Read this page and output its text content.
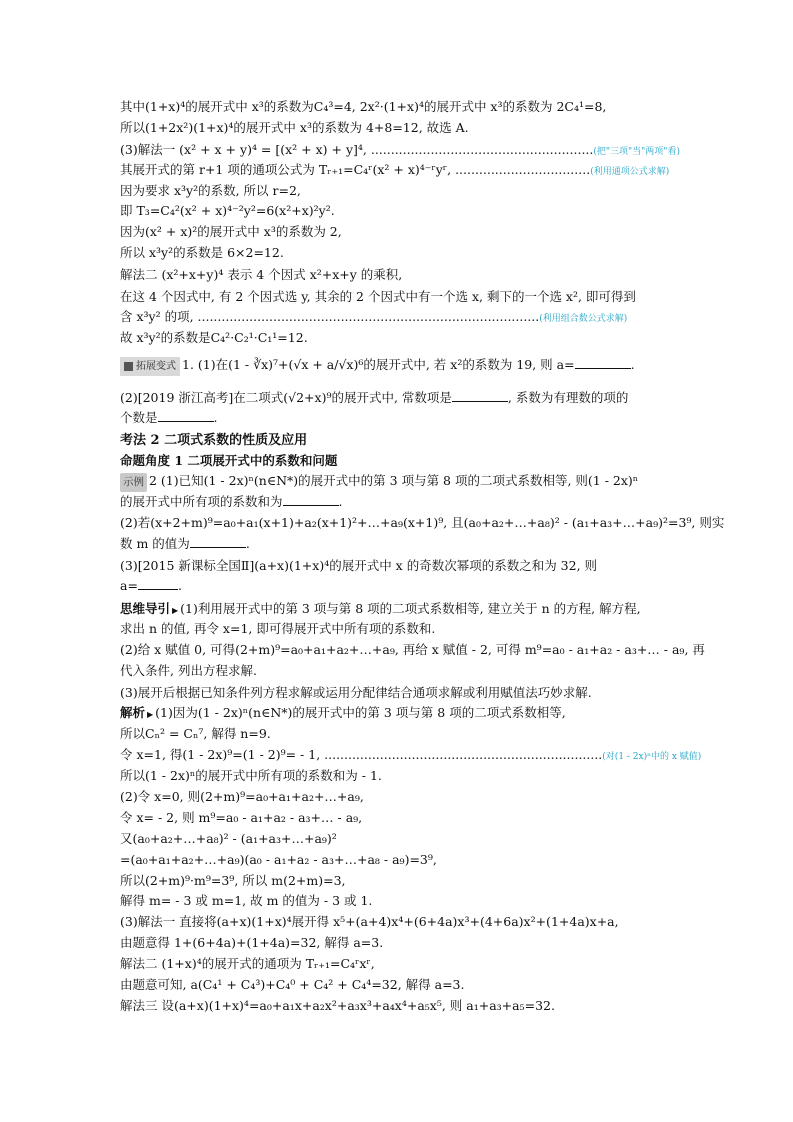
其中(1+x)⁴的展开式中 x³的系数为C₄³=4, 2x²·(1+x)⁴的展开式中 x³的系数为 2C₄¹=8,
所以(1+2x²)(1+x)⁴的展开式中 x³的系数为 4+8=12, 故选 A.
(3)解法一 (x² + x + y)⁴ = [(x² + x) + y]⁴, ........................................................(把"三项"当"两项"看)
其展开式的第 r+1 项的通项公式为 Tᵣ₊₁=C₄ʳ(x² + x)⁴⁻ʳyʳ, ..................................(利用通项公式求解)
因为要求 x³y²的系数, 所以 r=2,
即 T₃=C₄²(x² + x)⁴⁻²y²=6(x²+x)²y².
因为(x² + x)²的展开式中 x³的系数为 2,
所以 x³y²的系数是 6×2=12.
解法二 (x²+x+y)⁴ 表示 4 个因式 x²+x+y 的乘积,
在这 4 个因式中, 有 2 个因式选 y, 其余的 2 个因式中有一个选 x, 剩下的一个选 x², 即可得到
含 x³y² 的项, ......................................................................................(利用组合数公式求解)
故 x³y²的系数是C₄²·C₂¹·C₁¹=12.
拓展变式 1. (1)在(1 - ∛x)⁷+(√x + a/√x)⁶的展开式中, 若 x²的系数为 19, 则 a=	.
(2)[2019 浙江高考]在二项式(√2+x)⁹的展开式中, 常数项是	, 系数为有理数的项的
个数是	.
考法 2 二项式系数的性质及应用
命题角度 1 二项展开式中的系数和问题
示例 2 (1)已知(1 - 2x)ⁿ(n∈N*)的展开式中的第 3 项与第 8 项的二项式系数相等, 则(1 - 2x)ⁿ
的展开式中所有项的系数和为	.
(2)若(x+2+m)⁹=a₀+a₁(x+1)+a₂(x+1)²+…+a₉(x+1)⁹, 且(a₀+a₂+…+a₈)² - (a₁+a₃+…+a₉)²=3⁹, 则实
数 m 的值为	.
(3)[2015 新课标全国Ⅱ](a+x)(1+x)⁴的展开式中 x 的奇数次幂项的系数之和为 32, 则
a=	.
思维导引 ▶ (1)利用展开式中的第 3 项与第 8 项的二项式系数相等, 建立关于 n 的方程, 解方程,
求出 n 的值, 再令 x=1, 即可得展开式中所有项的系数和.
(2)给 x 赋值 0, 可得(2+m)⁹=a₀+a₁+a₂+…+a₉, 再给 x 赋值 - 2, 可得 m⁹=a₀ - a₁+a₂ - a₃+… - a₉, 再
代入条件, 列出方程求解.
(3)展开后根据已知条件列方程求解或运用分配律结合通项求解或利用赋值法巧妙求解.
解析 ▶ (1)因为(1 - 2x)ⁿ(n∈N*)的展开式中的第 3 项与第 8 项的二项式系数相等,
所以Cₙ² = Cₙ⁷, 解得 n=9.
令 x=1, 得(1 - 2x)⁹=(1 - 2)⁹= - 1, ......................................................................(对(1 - 2x)ⁿ中的 x 赋值)
所以(1 - 2x)ⁿ的展开式中所有项的系数和为 - 1.
(2)令 x=0, 则(2+m)⁹=a₀+a₁+a₂+…+a₉,
令 x= - 2, 则 m⁹=a₀ - a₁+a₂ - a₃+… - a₉,
又(a₀+a₂+…+a₈)² - (a₁+a₃+…+a₉)²
=(a₀+a₁+a₂+…+a₉)(a₀ - a₁+a₂ - a₃+…+a₈ - a₉)=3⁹,
所以(2+m)⁹·m⁹=3⁹, 所以 m(2+m)=3,
解得 m= - 3 或 m=1, 故 m 的值为 - 3 或 1.
(3)解法一 直接将(a+x)(1+x)⁴展开得 x⁵+(a+4)x⁴+(6+4a)x³+(4+6a)x²+(1+4a)x+a,
由题意得 1+(6+4a)+(1+4a)=32, 解得 a=3.
解法二 (1+x)⁴的展开式的通项为 Tᵣ₊₁=C₄ʳxʳ,
由题意可知, a(C₄¹ + C₄³)+C₄⁰ + C₄² + C₄⁴=32, 解得 a=3.
解法三 设(a+x)(1+x)⁴=a₀+a₁x+a₂x²+a₃x³+a₄x⁴+a₅x⁵, 则 a₁+a₃+a₅=32.
